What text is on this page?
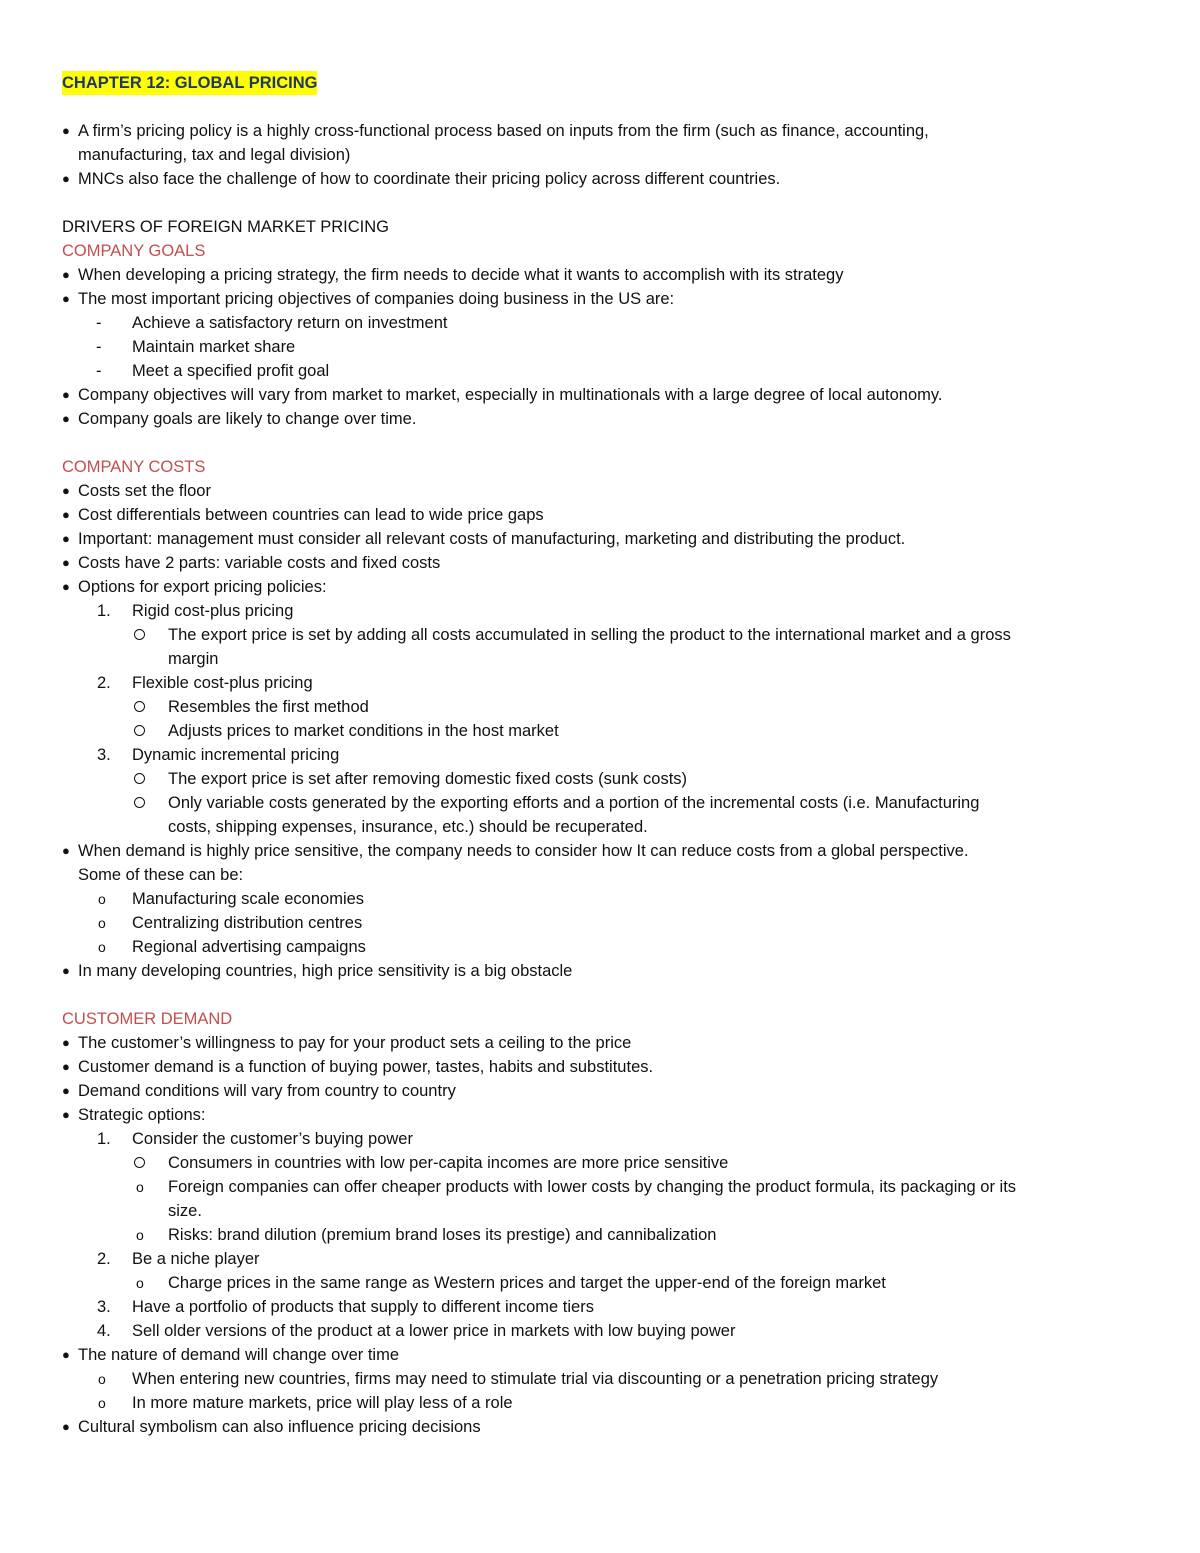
CHAPTER 12: GLOBAL PRICING
● A firm’s pricing policy is a highly cross-functional process based on inputs from the firm (such as finance, accounting,
manufacturing, tax and legal division)
● MNCs also face the challenge of how to coordinate their pricing policy across different countries.
DRIVERS OF FOREIGN MARKET PRICING
COMPANY GOALS
● When developing a pricing strategy, the firm needs to decide what it wants to accomplish with its strategy
● The most important pricing objectives of companies doing business in the US are:
- Achieve a satisfactory return on investment
- Maintain market share
- Meet a specified profit goal
● Company objectives will vary from market to market, especially in multinationals with a large degree of local autonomy.
● Company goals are likely to change over time.
COMPANY COSTS
● Costs set the floor
● Cost differentials between countries can lead to wide price gaps
● Important: management must consider all relevant costs of manufacturing, marketing and distributing the product.
● Costs have 2 parts: variable costs and fixed costs
● Options for export pricing policies:
1. Rigid cost-plus pricing
The export price is set by adding all costs accumulated in selling the product to the international market and a gross
margin
2. Flexible cost-plus pricing
Resembles the first method
Adjusts prices to market conditions in the host market
3. Dynamic incremental pricing
The export price is set after removing domestic fixed costs (sunk costs)
Only variable costs generated by the exporting efforts and a portion of the incremental costs (i.e. Manufacturing
costs, shipping expenses, insurance, etc.) should be recuperated.
● When demand is highly price sensitive, the company needs to consider how It can reduce costs from a global perspective.
Some of these can be:
o Manufacturing scale economies
o Centralizing distribution centres
o Regional advertising campaigns
● In many developing countries, high price sensitivity is a big obstacle
CUSTOMER DEMAND
● The customer’s willingness to pay for your product sets a ceiling to the price
● Customer demand is a function of buying power, tastes, habits and substitutes.
● Demand conditions will vary from country to country
● Strategic options:
1. Consider the customer’s buying power
Consumers in countries with low per-capita incomes are more price sensitive
o Foreign companies can offer cheaper products with lower costs by changing the product formula, its packaging or its
size.
o Risks: brand dilution (premium brand loses its prestige) and cannibalization
2. Be a niche player
o Charge prices in the same range as Western prices and target the upper-end of the foreign market
3. Have a portfolio of products that supply to different income tiers
4. Sell older versions of the product at a lower price in markets with low buying power
● The nature of demand will change over time
o When entering new countries, firms may need to stimulate trial via discounting or a penetration pricing strategy
o In more mature markets, price will play less of a role
● Cultural symbolism can also influence pricing decisions
